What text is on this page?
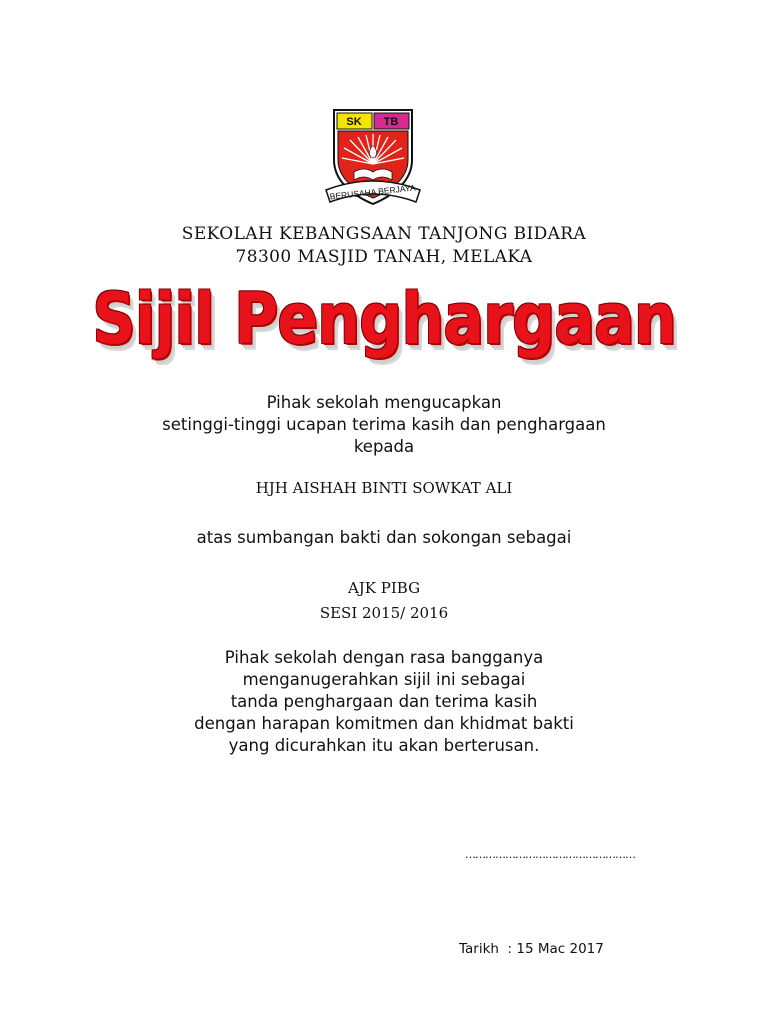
SK TB
BERUSAHA BERJAYA
SEKOLAH KEBANGSAAN TANJONG BIDARA
78300 MASJID TANAH, MELAKA
Sijil Penghargaan
Pihak sekolah mengucapkan
setinggi-tinggi ucapan terima kasih dan penghargaan
kepada
HJH AISHAH BINTI SOWKAT ALI
atas sumbangan bakti dan sokongan sebagai
AJK PIBG
SESI 2015/ 2016
Pihak sekolah dengan rasa bangganya
menganugerahkan sijil ini sebagai
tanda penghargaan dan terima kasih
dengan harapan komitmen dan khidmat bakti
yang dicurahkan itu akan berterusan.
……………………………………………
Tarikh  : 15 Mac 2017
